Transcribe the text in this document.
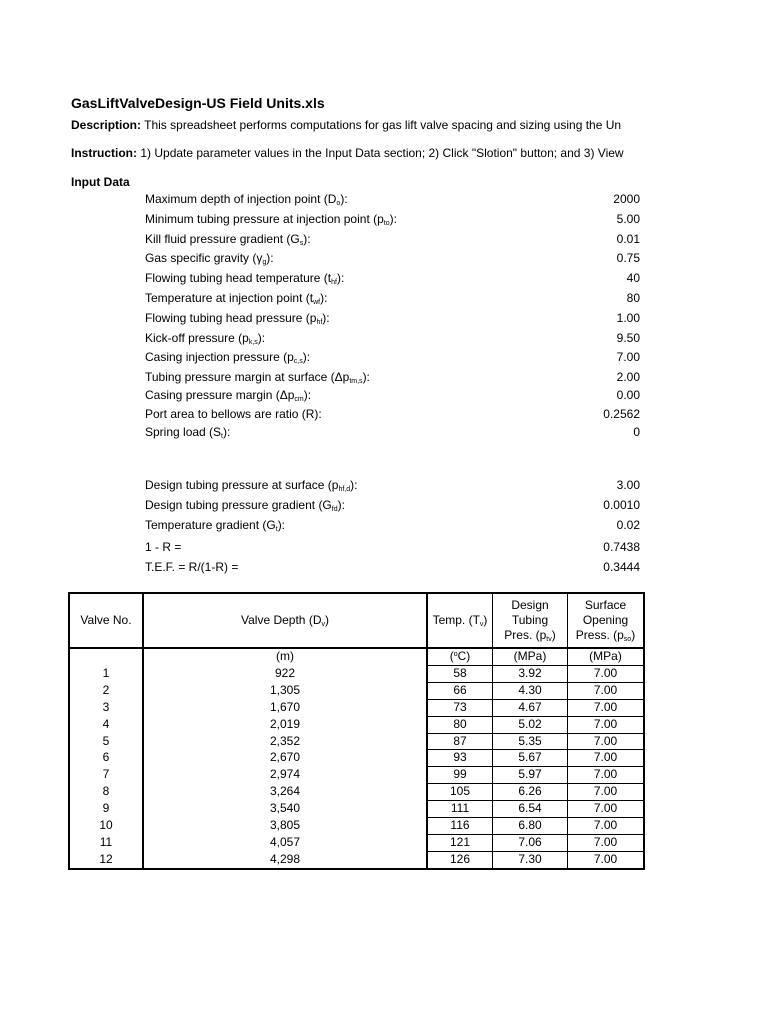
GasLiftValveDesign-US Field Units.xls
Description: This spreadsheet performs computations for gas lift valve spacing and sizing using the Un
Instruction: 1) Update parameter values in the Input Data section; 2) Click "Slotion" button; and 3) View
Input Data
Maximum depth of injection point $(D_o)$:	2000
Minimum tubing pressure at injection point $(p_{to})$:	5.00
Kill fluid pressure gradient $(G_s)$:	0.01
Gas specific gravity $(\gamma_g)$:	0.75
Flowing tubing head temperature $(t_{hf})$:	40
Temperature at injection point $(t_{wf})$:	80
Flowing tubing head pressure $(p_{hf})$:	1.00
Kick-off pressure $(p_{k,s})$:	9.50
Casing injection pressure $(p_{c,s})$:	7.00
Tubing pressure margin at surface $(\Delta p_{tm,s})$:	2.00
Casing pressure margin $(\Delta p_{cm})$:	0.00
Port area to bellows are ratio (R):	0.2562
Spring load $(S_t)$:	0
Design tubing pressure at surface $(p_{hf,d})$:	3.00
Design tubing pressure gradient $(G_{fd})$:	0.0010
Temperature gradient $(G_t)$:	0.02
1 - R =	0.7438
T.E.F. = R/(1-R) =	0.3444
Valve No.	Valve Depth $(D_v)$	Temp. $(T_v)$	Design
Tubing
Pres. $(p_{tv})$	Surface
Opening
Press. $(p_{so})$
	(m)	($^o$C)	(MPa)	(MPa)
1	922	58	3.92	7.00
2	1,305	66	4.30	7.00
3	1,670	73	4.67	7.00
4	2,019	80	5.02	7.00
5	2,352	87	5.35	7.00
6	2,670	93	5.67	7.00
7	2,974	99	5.97	7.00
8	3,264	105	6.26	7.00
9	3,540	111	6.54	7.00
10	3,805	116	6.80	7.00
11	4,057	121	7.06	7.00
12	4,298	126	7.30	7.00
